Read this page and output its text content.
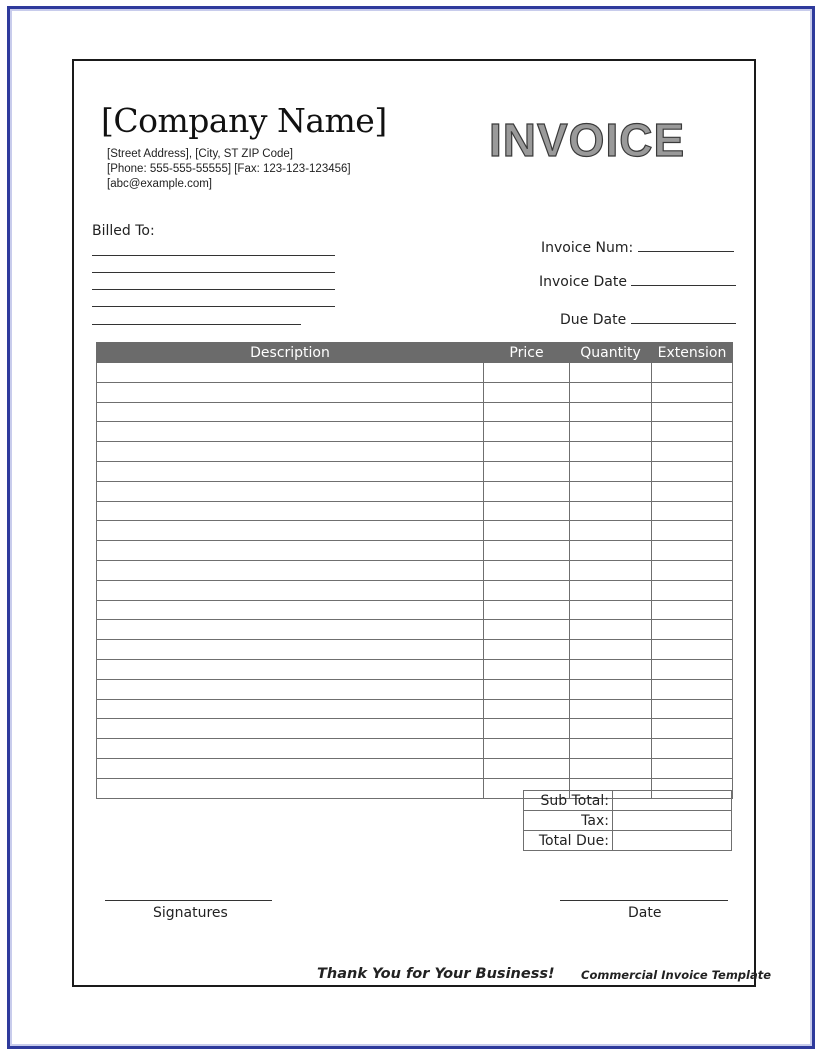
[Company Name]
[Street Address], [City, ST ZIP Code]
[Phone: 555-555-55555] [Fax: 123-123-123456]
[abc@example.com]
INVOICE
Billed To:
Invoice Num:
Invoice Date
Due Date
Description	Price	Quantity	Extension

Sub Total:	
Tax:	
Total Due:	
Signatures	Date
Thank You for Your Business! Commercial Invoice Template
